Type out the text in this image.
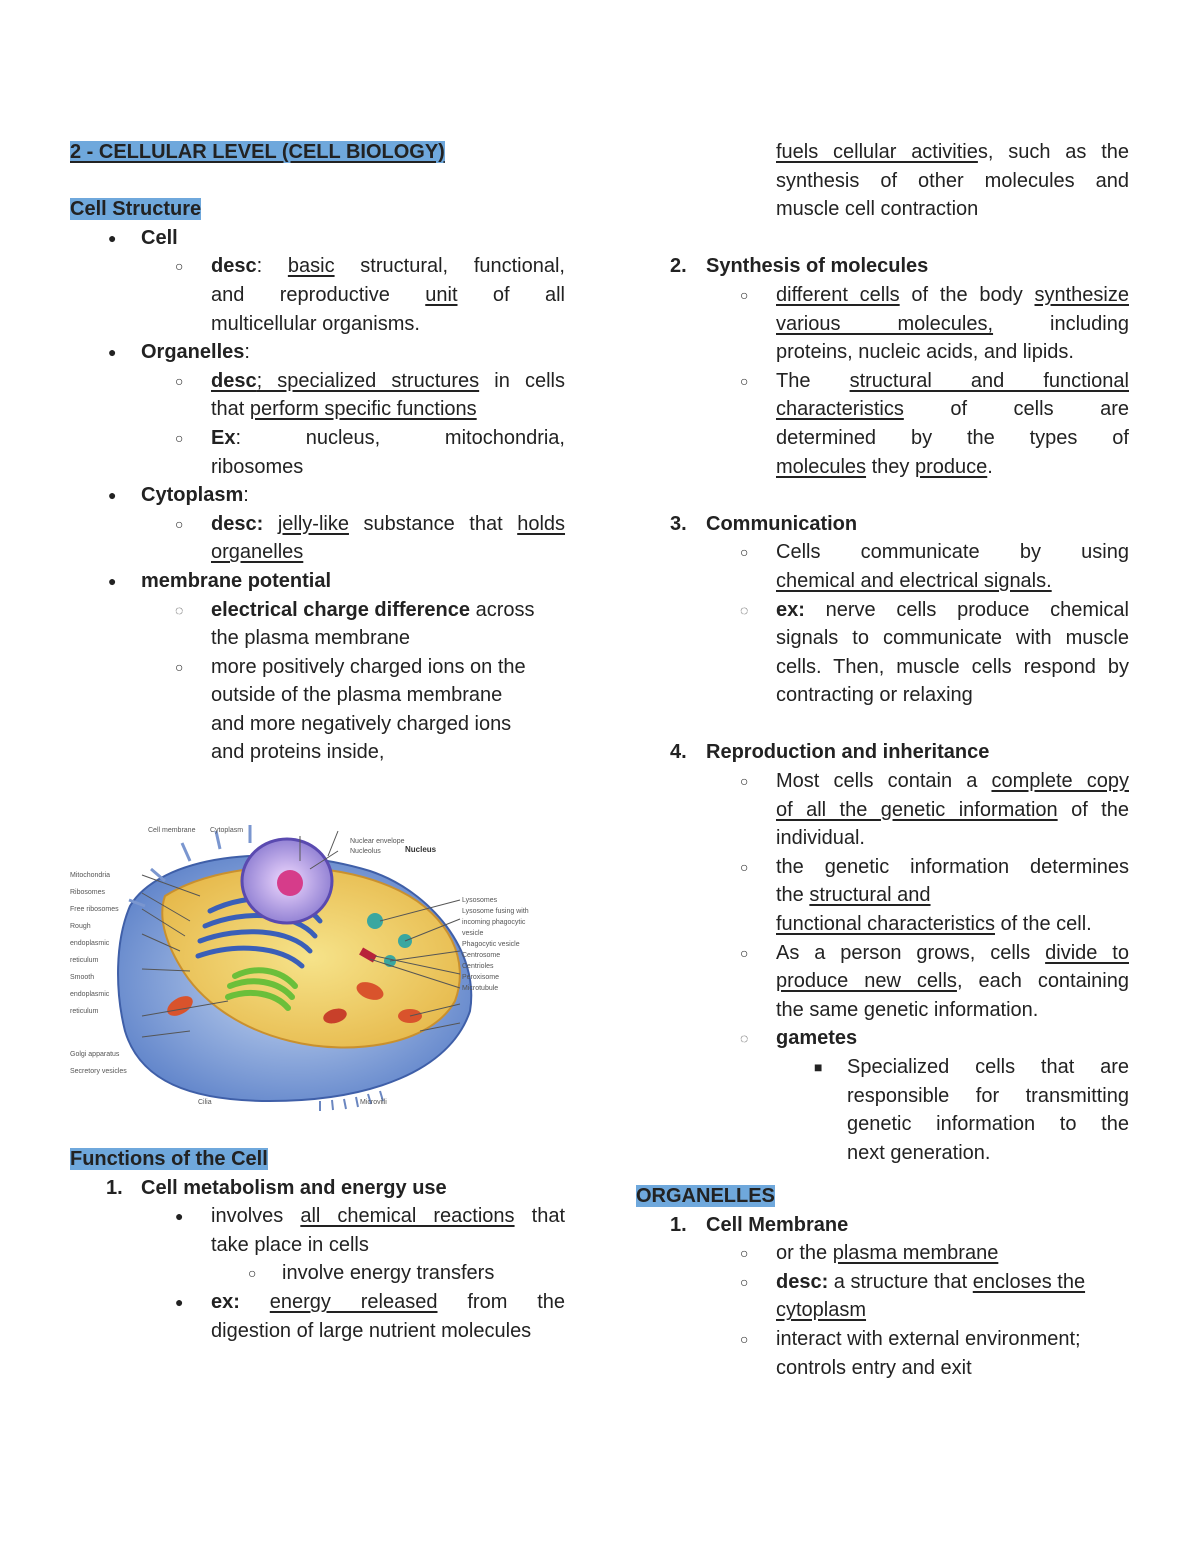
2 - CELLULAR LEVEL (CELL BIOLOGY)
Cell Structure
● Cell
○ desc: basic structural, functional,
and reproductive unit of all
multicellular organisms.
● Organelles:
○ desc; specialized structures in cells
that perform specific functions
○ Ex: nucleus, mitochondria,
ribosomes
● Cytoplasm:
○ desc: jelly-like substance that holds
organelles
● membrane potential
◌ electrical charge difference across
the plasma membrane
○ more positively charged ions on the
outside of the plasma membrane
and more negatively charged ions
and proteins inside,
Mitochondria
Ribosomes
Free ribosomes
Rough endoplasmic reticulum
Smooth endoplasmic reticulum
Golgi apparatus
Secretory vesicles
Cell membrane Cytoplasm
Nuclear envelope
Nucleolus	Nucleus
Lysosomes
Lysosome fusing with incoming phagocytic vesicle
Phagocytic vesicle
Centrosome
Centrioles
Peroxisome
Microtubule
Cilia	Microvilli
Functions of the Cell
1. Cell metabolism and energy use
● involves all chemical reactions that
take place in cells
○ involve energy transfers
● ex: energy released from the
digestion of large nutrient molecules
fuels cellular activities, such as the
synthesis of other molecules and
muscle cell contraction
2. Synthesis of molecules
○ different cells of the body synthesize
various molecules, including
proteins, nucleic acids, and lipids.
○ The structural and functional
characteristics of cells are
determined by the types of
molecules they produce.
3. Communication
○ Cells communicate by using
chemical and electrical signals.
◌ ex: nerve cells produce chemical
signals to communicate with muscle
cells. Then, muscle cells respond by
contracting or relaxing
4. Reproduction and inheritance
○ Most cells contain a complete copy
of all the genetic information of the
individual.
○ the genetic information determines
the structural and
functional characteristics of the cell.
○ As a person grows, cells divide to
produce new cells, each containing
the same genetic information.
◌ gametes
■ Specialized cells that are
responsible for transmitting
genetic information to the
next generation.
ORGANELLES
1. Cell Membrane
○ or the plasma membrane
○ desc: a structure that encloses the
cytoplasm
○ interact with external environment;
controls entry and exit
